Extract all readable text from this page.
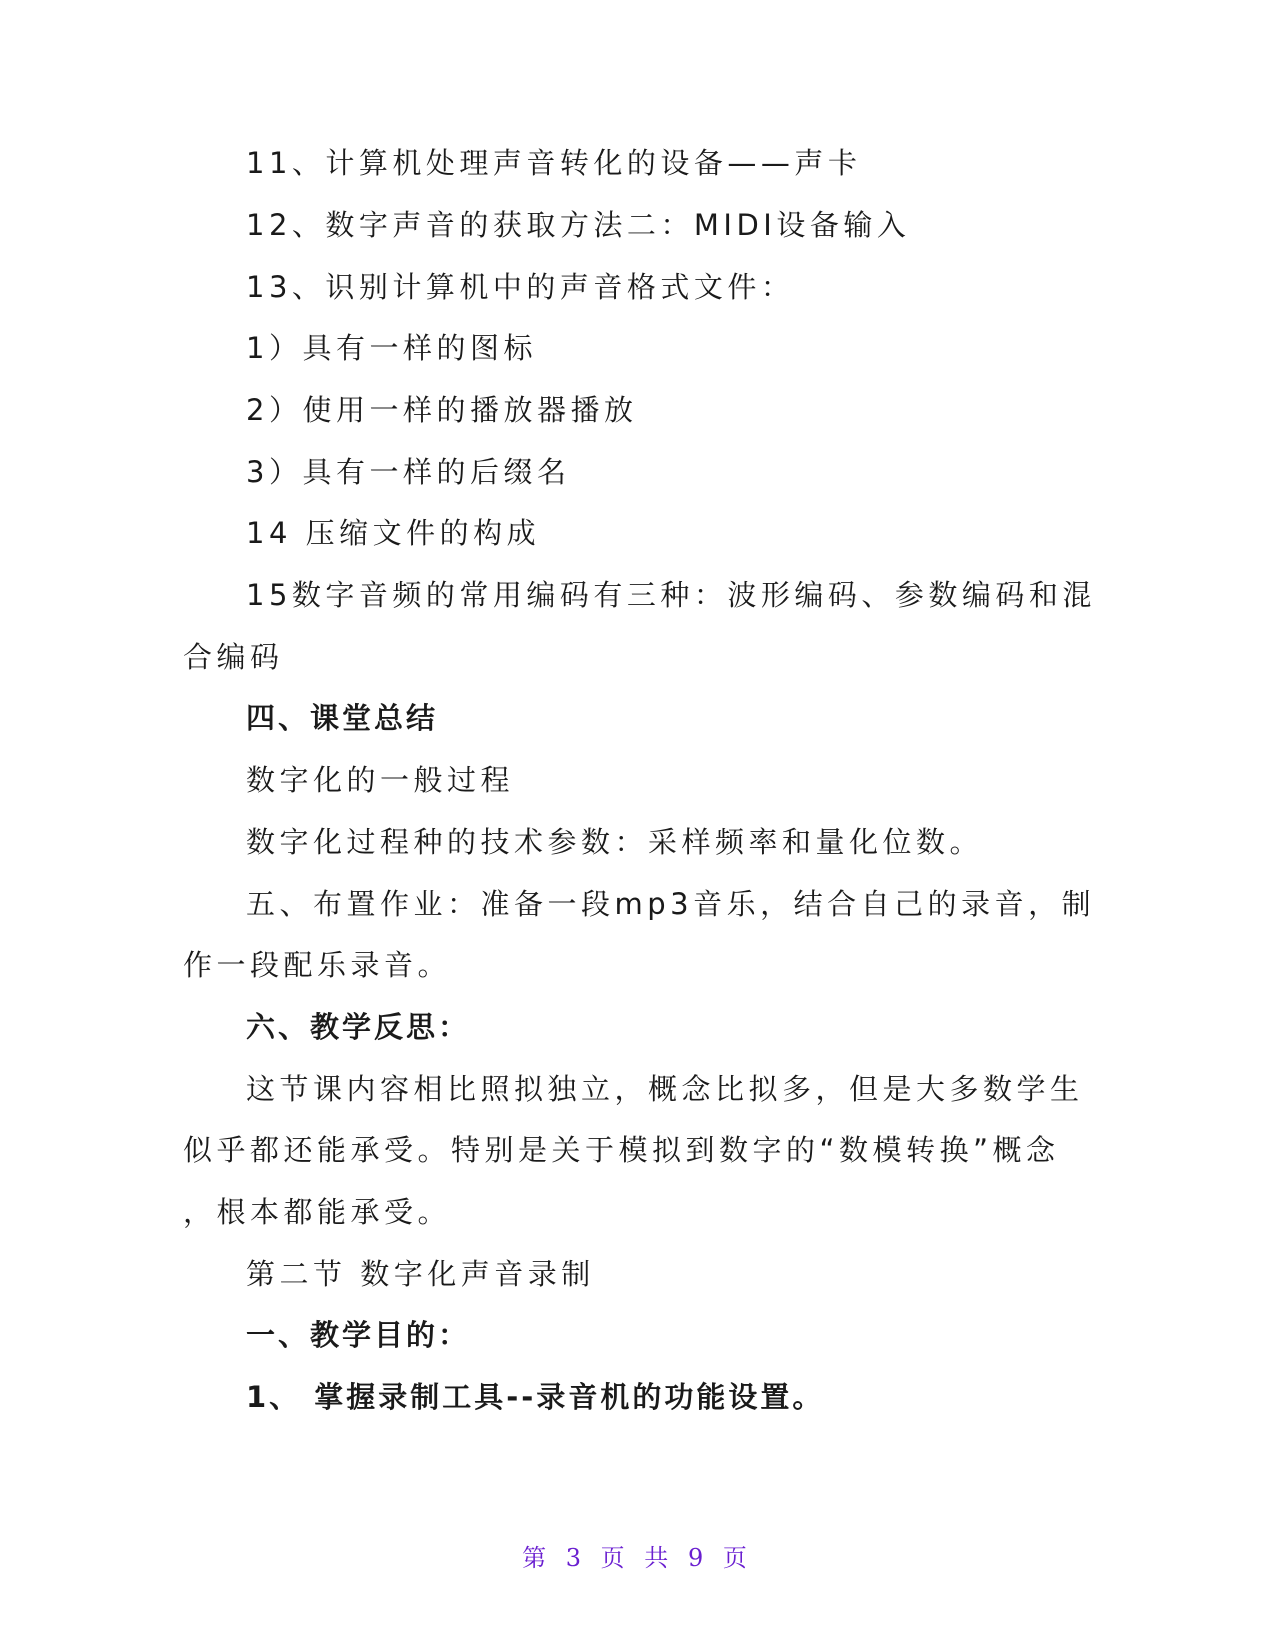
11、计算机处理声音转化的设备——声卡
12、数字声音的获取方法二：MIDI设备输入
13、识别计算机中的声音格式文件：
1）具有一样的图标
2）使用一样的播放器播放
3）具有一样的后缀名
14 压缩文件的构成
15数字音频的常用编码有三种：波形编码、参数编码和混
合编码
四、课堂总结
数字化的一般过程
数字化过程种的技术参数：采样频率和量化位数。
五、布置作业：准备一段mp3音乐，结合自己的录音，制
作一段配乐录音。
六、教学反思：
这节课内容相比照拟独立，概念比拟多，但是大多数学生
似乎都还能承受。特别是关于模拟到数字的“数模转换”概念
，根本都能承受。
第二节 数字化声音录制
一、教学目的：
1、 掌握录制工具--录音机的功能设置。
第 3 页 共 9 页
